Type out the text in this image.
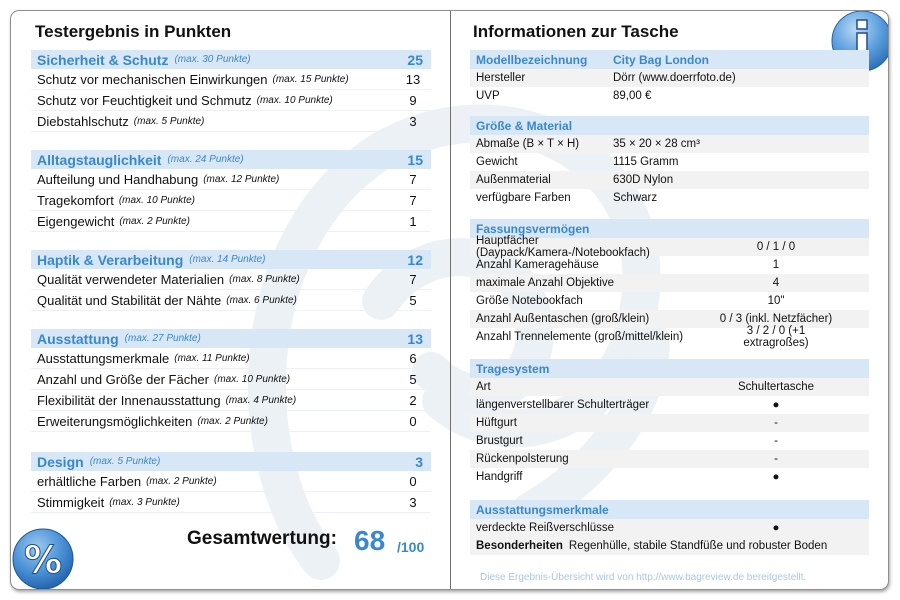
Testergebnis in Punkten
Sicherheit & Schutz (max. 30 Punkte)	25
Schutz vor mechanischen Einwirkungen (max. 15 Punkte)	13
Schutz vor Feuchtigkeit und Schmutz (max. 10 Punkte)	9
Diebstahlschutz (max. 5 Punkte)	3
Alltagstauglichkeit (max. 24 Punkte)	15
Aufteilung und Handhabung (max. 12 Punkte)	7
Tragekomfort (max. 10 Punkte)	7
Eigengewicht (max. 2 Punkte)	1
Haptik & Verarbeitung (max. 14 Punkte)	12
Qualität verwendeter Materialien (max. 8 Punkte)	7
Qualität und Stabilität der Nähte (max. 6 Punkte)	5
Ausstattung (max. 27 Punkte)	13
Ausstattungsmerkmale (max. 11 Punkte)	6
Anzahl und Größe der Fächer (max. 10 Punkte)	5
Flexibilität der Innenausstattung (max. 4 Punkte)	2
Erweiterungsmöglichkeiten (max. 2 Punkte)	0
Design (max. 5 Punkte)	3
erhältliche Farben (max. 2 Punkte)	0
Stimmigkeit (max. 3 Punkte)	3
Gesamtwertung: 68 /100
%
Informationen zur Tasche
Modellbezeichnung City Bag London
Hersteller	Dörr (www.doerrfoto.de)
UVP	89,00 €
Größe & Material
Abmaße (B × T × H)	35 × 20 × 28 cm³
Gewicht	1115 Gramm
Außenmaterial	630D Nylon
verfügbare Farben	Schwarz
Fassungsvermögen
Hauptfächer (Daypack/Kamera-/Notebookfach)	0 / 1 / 0
Anzahl Kameragehäuse	1
maximale Anzahl Objektive	4
Größe Notebookfach	10"
Anzahl Außentaschen (groß/klein)	0 / 3 (inkl. Netzfächer)
Anzahl Trennelemente (groß/mittel/klein)	3 / 2 / 0 (+1 extragroßes)
Tragesystem
Art	Schultertasche
längenverstellbarer Schulterträger	●
Hüftgurt	-
Brustgurt	-
Rückenpolsterung	-
Handgriff	●
Ausstattungsmerkmale
verdeckte Reißverschlüsse	●
Besonderheiten Regenhülle, stabile Standfüße und robuster Boden
Diese Ergebnis-Übersicht wird von http://www.bagreview.de bereitgestellt.
